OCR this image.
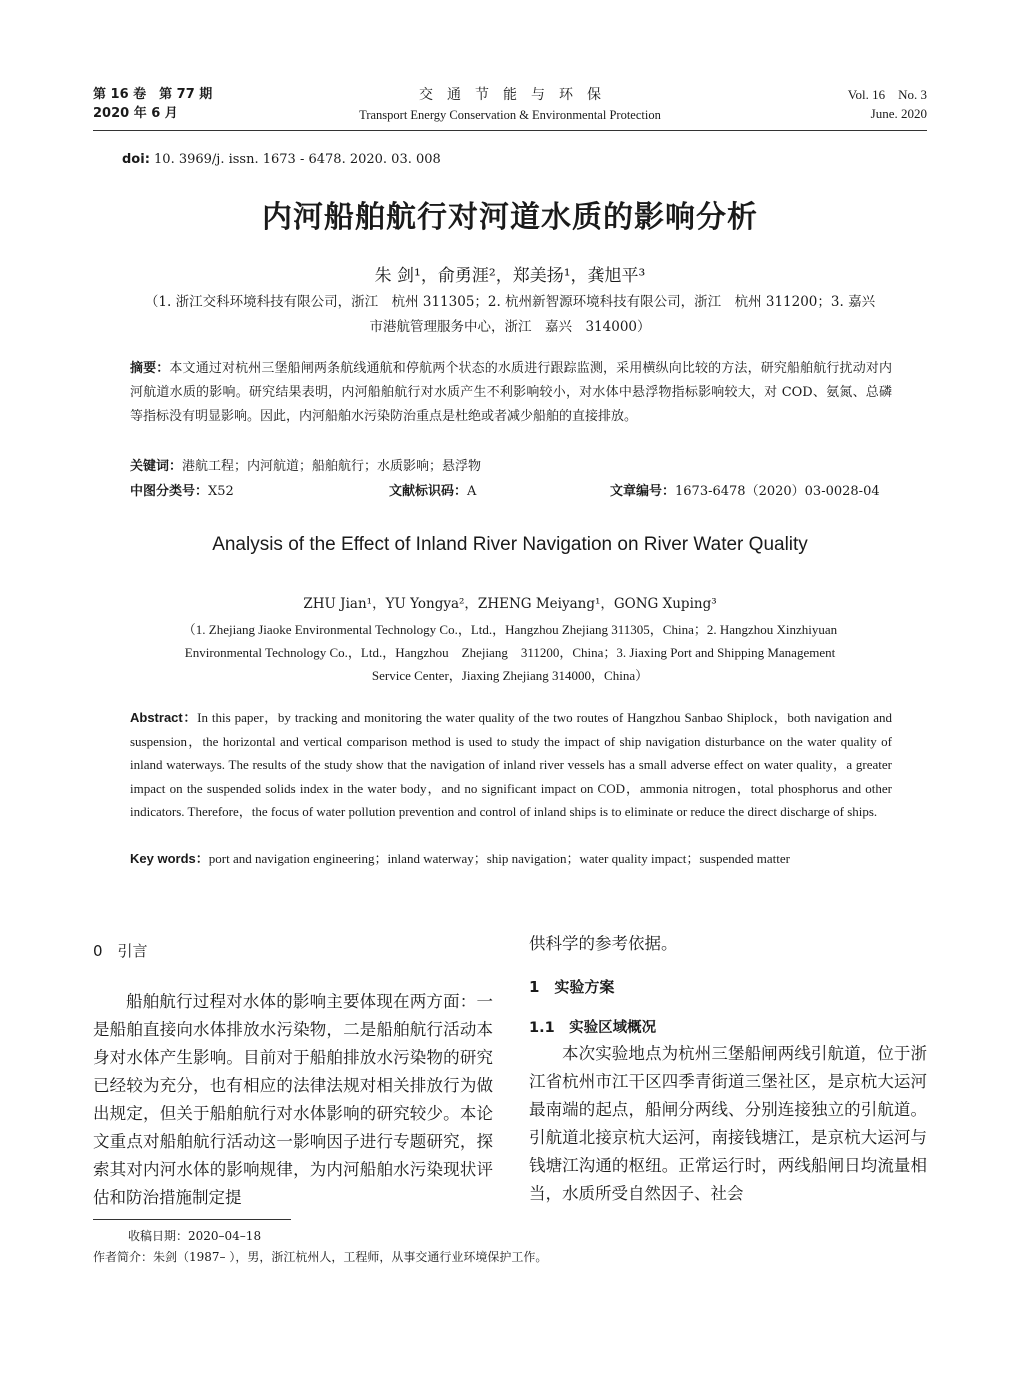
第 16 卷　第 77 期
2020 年 6 月
交　通　节　能　与　环　保
Transport Energy Conservation & Environmental Protection
Vol. 16　No. 3
June. 2020
doi: 10. 3969/j. issn. 1673 - 6478. 2020. 03. 008
内河船舶航行对河道水质的影响分析
朱 剑¹，俞勇涯²，郑美扬¹，龚旭平³
（1. 浙江交科环境科技有限公司，浙江　杭州 311305；2. 杭州新智源环境科技有限公司，浙江　杭州 311200；3. 嘉兴
市港航管理服务中心，浙江　嘉兴　314000）
摘要：本文通过对杭州三堡船闸两条航线通航和停航两个状态的水质进行跟踪监测，采用横纵向比较的方法，研究船舶航行扰动对内河航道水质的影响。研究结果表明，内河船舶航行对水质产生不利影响较小，对水体中悬浮物指标影响较大，对 COD、氨氮、总磷等指标没有明显影响。因此，内河船舶水污染防治重点是杜绝或者减少船舶的直接排放。
关键词：港航工程；内河航道；船舶航行；水质影响；悬浮物
中图分类号：X52	文献标识码：A	文章编号：1673-6478（2020）03-0028-04
Analysis of the Effect of Inland River Navigation on River Water Quality
ZHU Jian¹，YU Yongya²，ZHENG Meiyang¹，GONG Xuping³
（1. Zhejiang Jiaoke Environmental Technology Co.，Ltd.，Hangzhou Zhejiang 311305，China；2. Hangzhou Xinzhiyuan
Environmental Technology Co.，Ltd.，Hangzhou　Zhejiang　311200，China；3. Jiaxing Port and Shipping Management
Service Center，Jiaxing Zhejiang 314000，China）
Abstract：In this paper，by tracking and monitoring the water quality of the two routes of Hangzhou Sanbao Shiplock，both navigation and suspension，the horizontal and vertical comparison method is used to study the impact of ship navigation disturbance on the water quality of inland waterways. The results of the study show that the navigation of inland river vessels has a small adverse effect on water quality，a greater impact on the suspended solids index in the water body，and no significant impact on COD，ammonia nitrogen，total phosphorus and other indicators. Therefore，the focus of water pollution prevention and control of inland ships is to eliminate or reduce the direct discharge of ships.
Key words：port and navigation engineering；inland waterway；ship navigation；water quality impact；suspended matter
0　引言
船舶航行过程对水体的影响主要体现在两方面：一是船舶直接向水体排放水污染物，二是船舶航行活动本身对水体产生影响。目前对于船舶排放水污染物的研究已经较为充分，也有相应的法律法规对相关排放行为做出规定，但关于船舶航行对水体影响的研究较少。本论文重点对船舶航行活动这一影响因子进行专题研究，探索其对内河水体的影响规律，为内河船舶水污染现状评估和防治措施制定提
供科学的参考依据。
1　实验方案
1.1　实验区域概况
本次实验地点为杭州三堡船闸两线引航道，位于浙江省杭州市江干区四季青街道三堡社区，是京杭大运河最南端的起点，船闸分两线、分别连接独立的引航道。引航道北接京杭大运河，南接钱塘江，是京杭大运河与钱塘江沟通的枢纽。正常运行时，两线船闸日均流量相当，水质所受自然因子、社会
收稿日期：2020–04–18
作者简介：朱剑（1987– ），男，浙江杭州人，工程师，从事交通行业环境保护工作。
